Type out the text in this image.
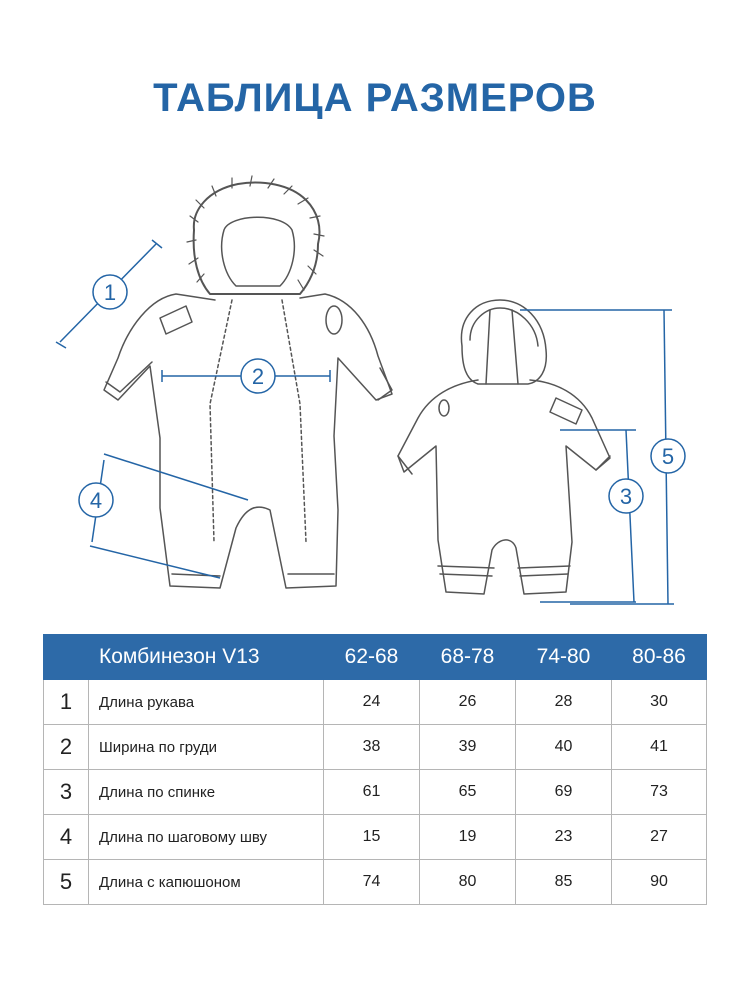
ТАБЛИЦА РАЗМЕРОВ
1
2
3
4
5
	Комбинезон V13	62-68	68-78	74-80	80-86
1	Длина рукава	24	26	28	30
2	Ширина по груди	38	39	40	41
3	Длина по спинке	61	65	69	73
4	Длина по шаговому шву	15	19	23	27
5	Длина с капюшоном	74	80	85	90
